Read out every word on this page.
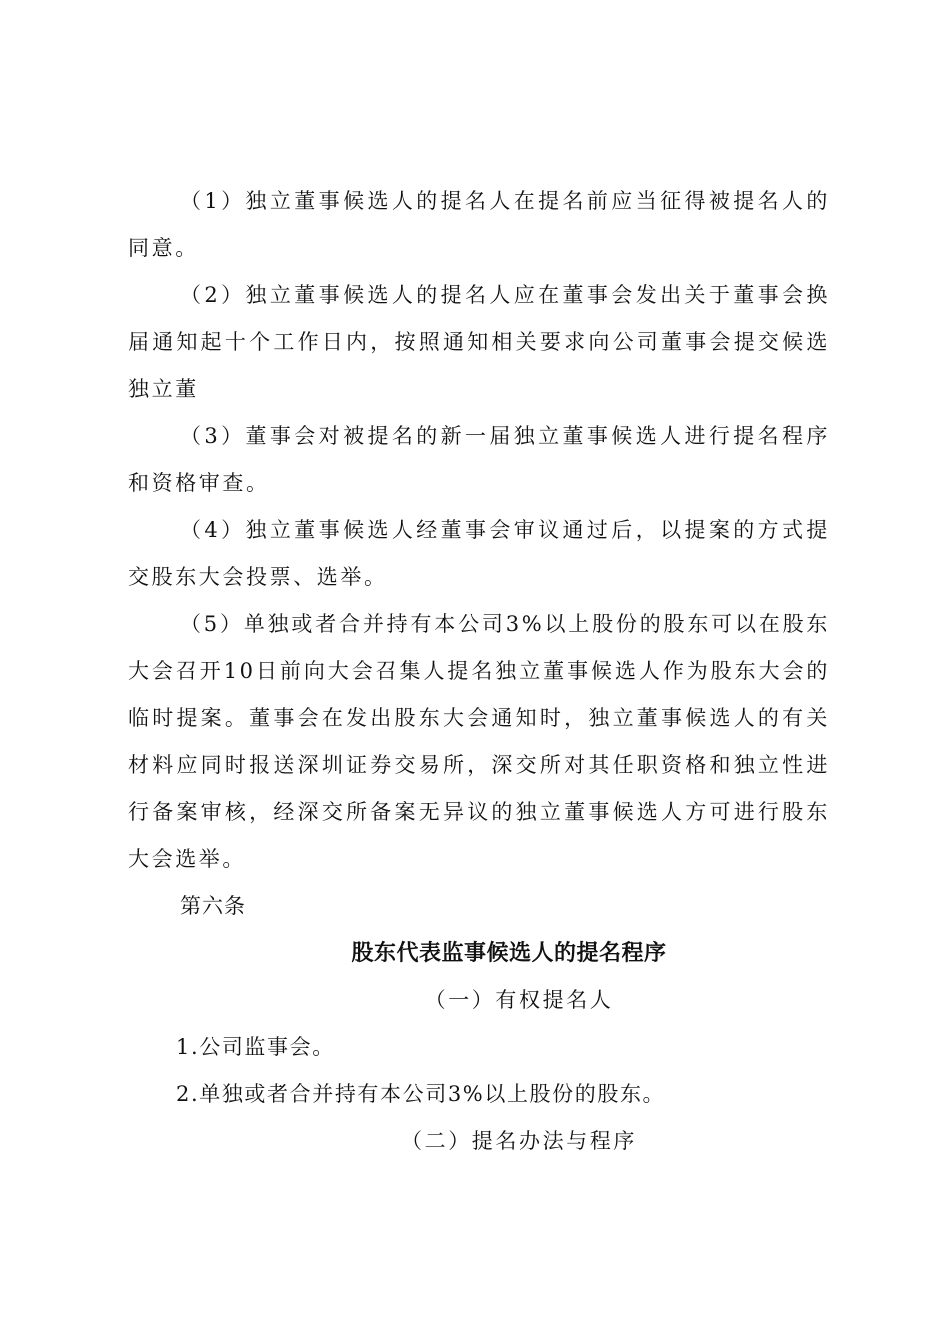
（1）独立董事候选人的提名人在提名前应当征得被提名人的同意。

（2）独立董事候选人的提名人应在董事会发出关于董事会换届通知起十个工作日内，按照通知相关要求向公司董事会提交候选独立董

（3）董事会对被提名的新一届独立董事候选人进行提名程序和资格审查。

（4）独立董事候选人经董事会审议通过后，以提案的方式提交股东大会投票、选举。

（5）单独或者合并持有本公司3%以上股份的股东可以在股东大会召开10日前向大会召集人提名独立董事候选人作为股东大会的临时提案。董事会在发出股东大会通知时，独立董事候选人的有关材料应同时报送深圳证券交易所，深交所对其任职资格和独立性进行备案审核，经深交所备案无异议的独立董事候选人方可进行股东大会选举。

第六条

股东代表监事候选人的提名程序

（一）有权提名人

1.公司监事会。

2.单独或者合并持有本公司3%以上股份的股东。

（二）提名办法与程序
